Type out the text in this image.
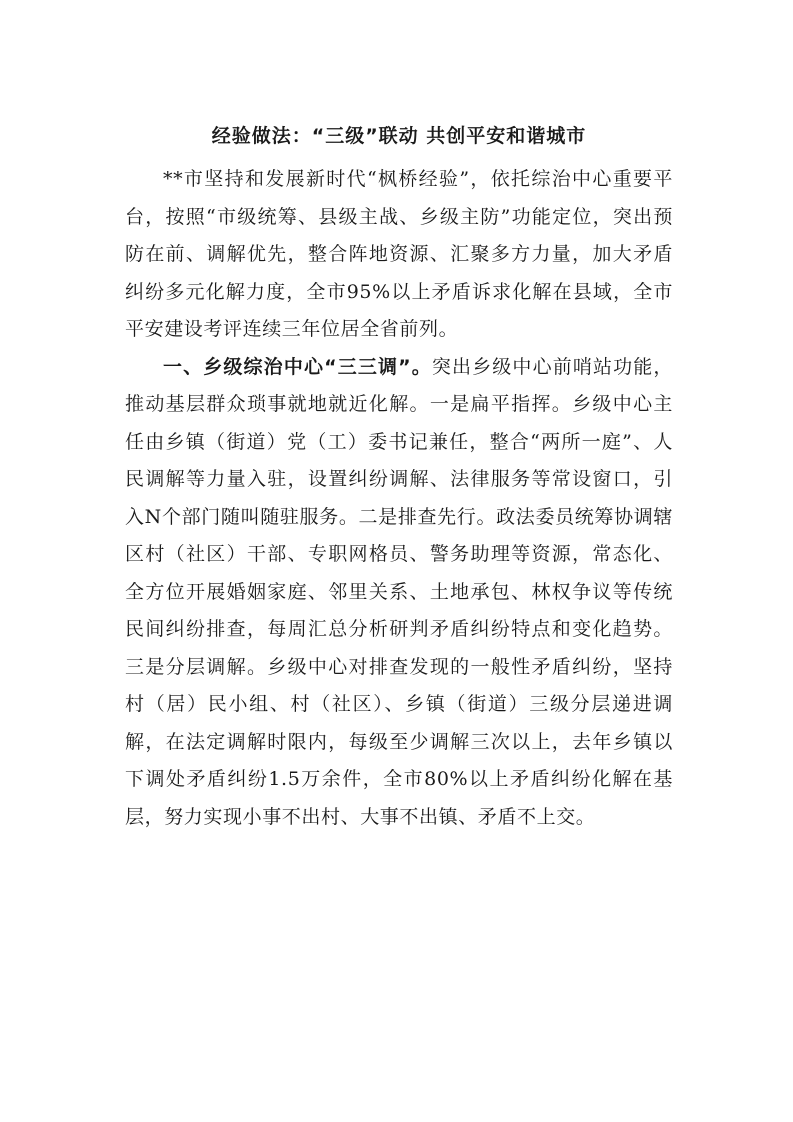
经验做法：“三级”联动 共创平安和谐城市

**市坚持和发展新时代“枫桥经验”，依托综治中心重要平台，按照“市级统筹、县级主战、乡级主防”功能定位，突出预防在前、调解优先，整合阵地资源、汇聚多方力量，加大矛盾纠纷多元化解力度，全市95%以上矛盾诉求化解在县域，全市平安建设考评连续三年位居全省前列。

一、乡级综治中心“三三调”。突出乡级中心前哨站功能，推动基层群众琐事就地就近化解。一是扁平指挥。乡级中心主任由乡镇（街道）党（工）委书记兼任，整合“两所一庭”、人民调解等力量入驻，设置纠纷调解、法律服务等常设窗口，引入N个部门随叫随驻服务。二是排查先行。政法委员统筹协调辖区村（社区）干部、专职网格员、警务助理等资源，常态化、全方位开展婚姻家庭、邻里关系、土地承包、林权争议等传统民间纠纷排查，每周汇总分析研判矛盾纠纷特点和变化趋势。三是分层调解。乡级中心对排查发现的一般性矛盾纠纷，坚持村（居）民小组、村（社区）、乡镇（街道）三级分层递进调解，在法定调解时限内，每级至少调解三次以上，去年乡镇以下调处矛盾纠纷1.5万余件，全市80%以上矛盾纠纷化解在基层，努力实现小事不出村、大事不出镇、矛盾不上交。
